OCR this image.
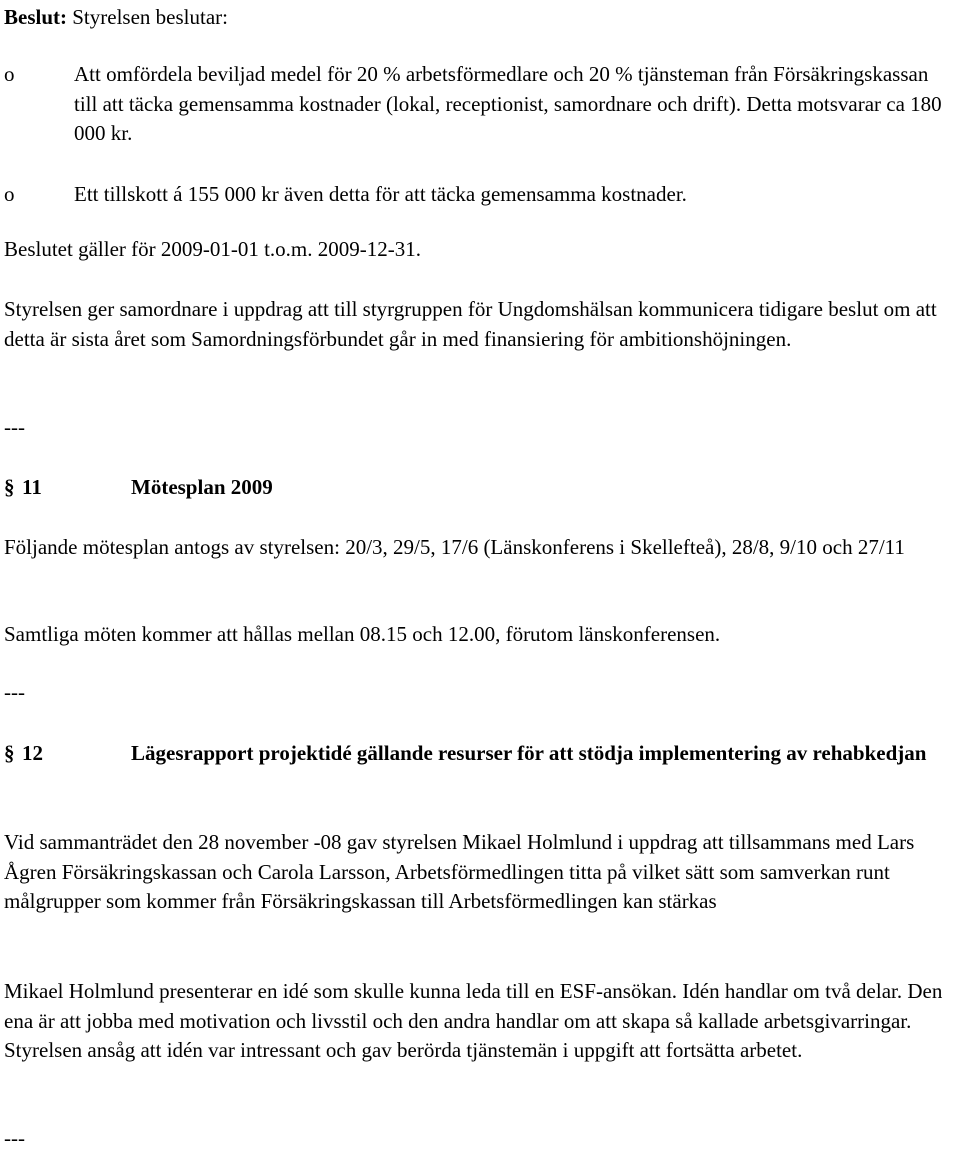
Beslut: Styrelsen beslutar:
o	Att omfördela beviljad medel för 20 % arbetsförmedlare och 20 % tjänsteman från Försäkringskassan till att täcka gemensamma kostnader (lokal, receptionist, samordnare och drift). Detta motsvarar ca 180 000 kr.
o	Ett tillskott á 155 000 kr även detta för att täcka gemensamma kostnader.
Beslutet gäller för 2009-01-01 t.o.m. 2009-12-31.
Styrelsen ger samordnare i uppdrag att till styrgruppen för Ungdomshälsan kommunicera tidigare beslut om att detta är sista året som Samordningsförbundet går in med finansiering för ambitionshöjningen.
---
§ 11	Mötesplan 2009
Följande mötesplan antogs av styrelsen: 20/3, 29/5, 17/6 (Länskonferens i Skellefteå), 28/8, 9/10 och 27/11
Samtliga möten kommer att hållas mellan 08.15 och 12.00, förutom länskonferensen.
---
§ 12	Lägesrapport projektidé gällande resurser för att stödja implementering av rehabkedjan
Vid sammanträdet den 28 november -08 gav styrelsen Mikael Holmlund i uppdrag att tillsammans med Lars Ågren Försäkringskassan och Carola Larsson, Arbetsförmedlingen titta på vilket sätt som samverkan runt målgrupper som kommer från Försäkringskassan till Arbetsförmedlingen kan stärkas
Mikael Holmlund presenterar en idé som skulle kunna leda till en ESF-ansökan. Idén handlar om två delar. Den ena är att jobba med motivation och livsstil och den andra handlar om att skapa så kallade arbetsgivarringar. Styrelsen ansåg att idén var intressant och gav berörda tjänstemän i uppgift att fortsätta arbetet.
---
